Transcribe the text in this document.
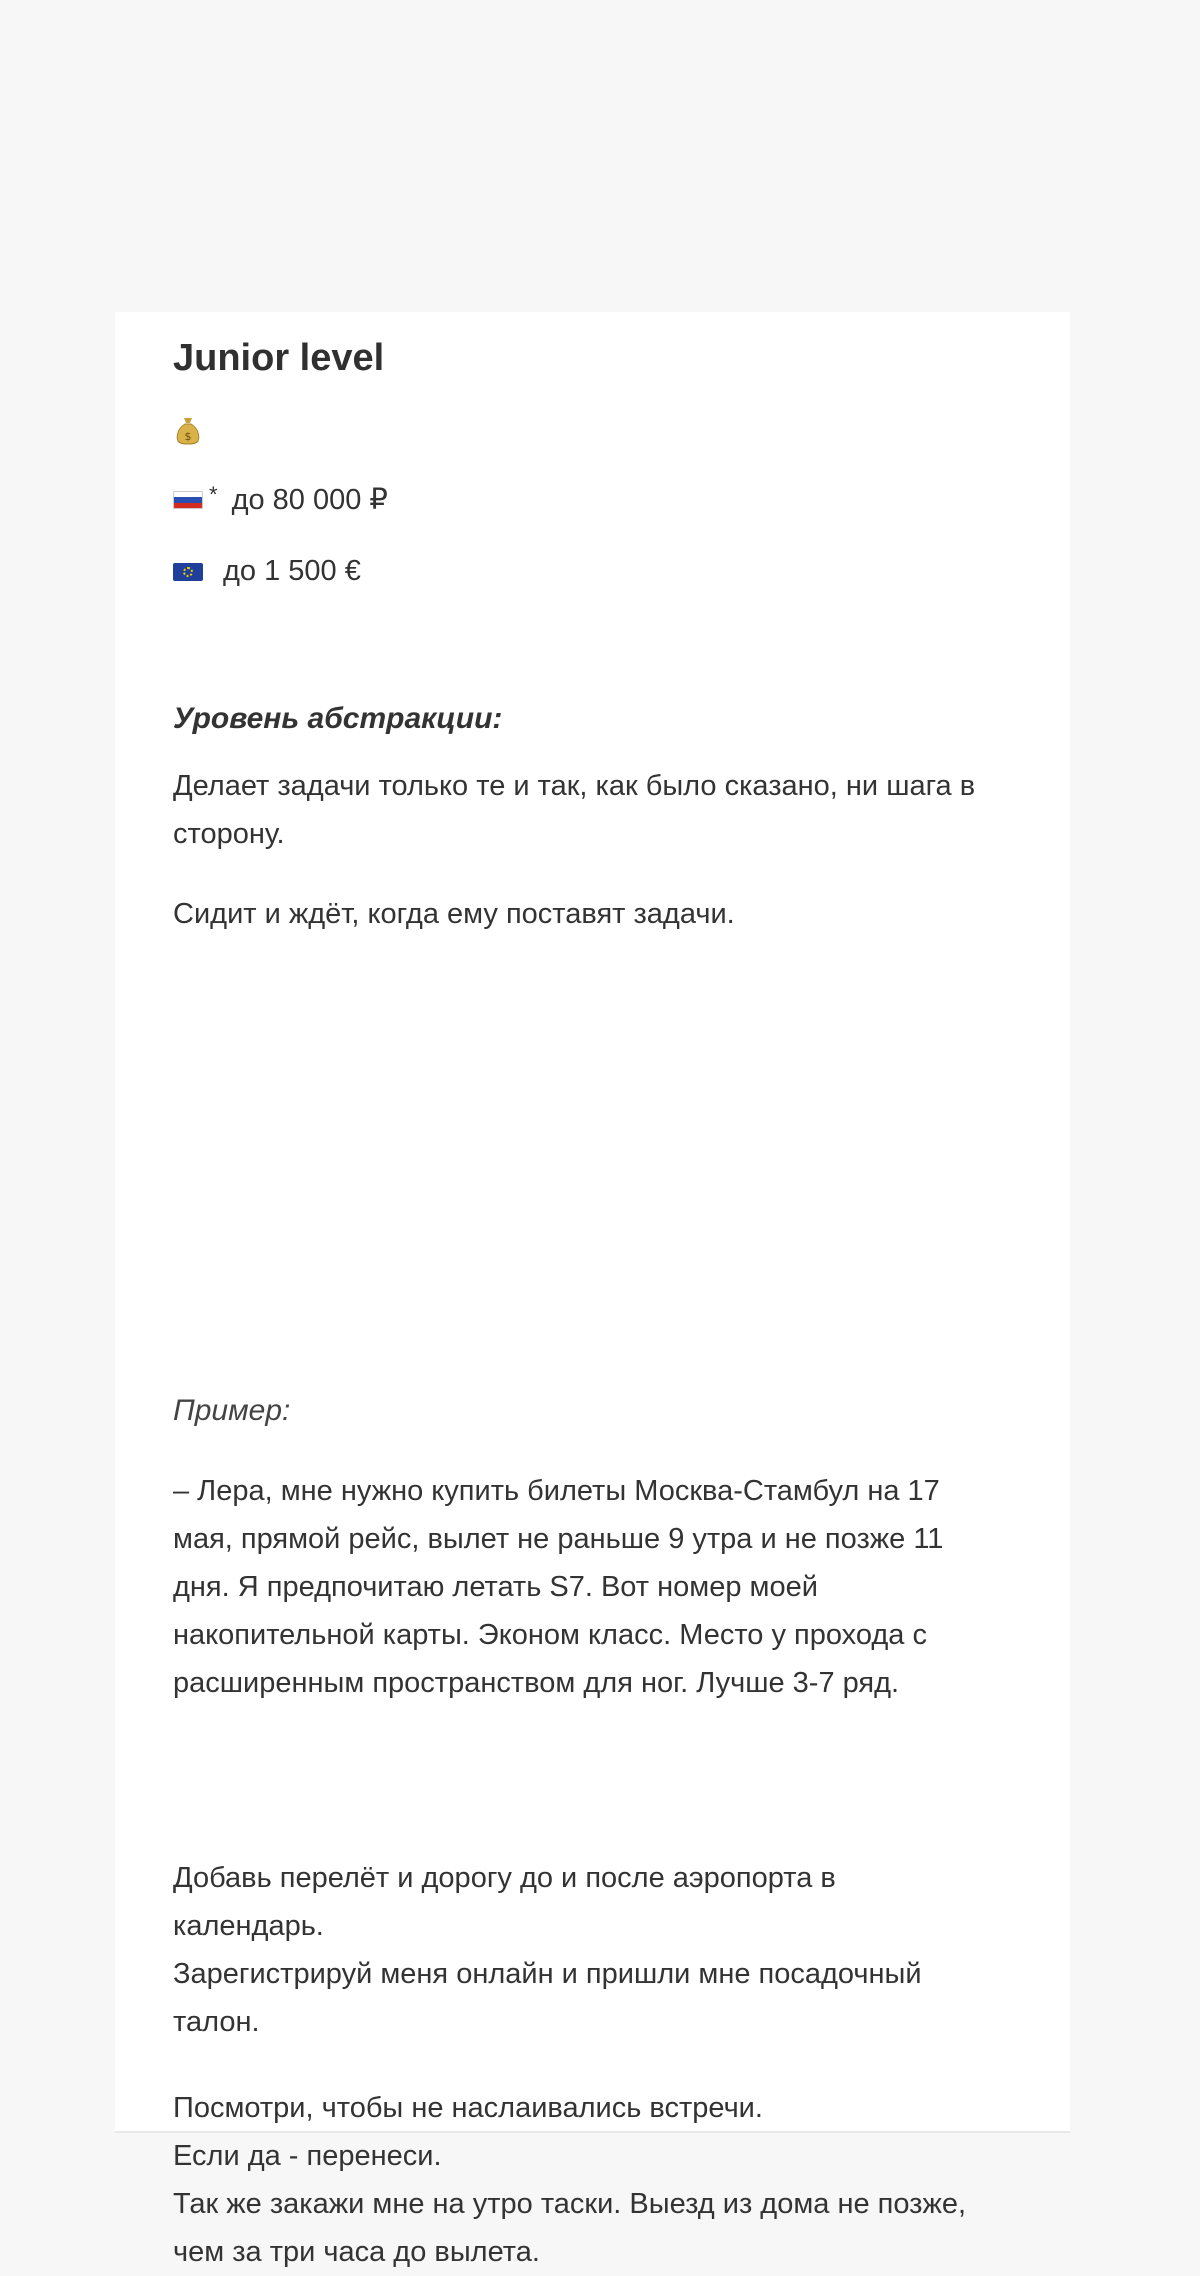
Junior level
$
* до 80 000 ₽
до 1 500 €
Уровень абстракции:

Делает задачи только те и так, как было сказано, ни шага в сторону.

Сидит и ждёт, когда ему поставят задачи.

Пример:

– Лера, мне нужно купить билеты Москва-Стамбул на 17 мая, прямой рейс, вылет не раньше 9 утра и не позже 11 дня. Я предпочитаю летать S7. Вот номер моей накопительной карты. Эконом класс. Место у прохода с расширенным пространством для ног. Лучше 3-7 ряд.

Добавь перелёт и дорогу до и после аэропорта в календарь.
Зарегистрируй меня онлайн и пришли мне посадочный талон.
Посмотри, чтобы не наслаивались встречи.
Если да - перенеси.
Так же закажи мне на утро таски. Выезд из дома не позже, чем за три часа до вылета.
